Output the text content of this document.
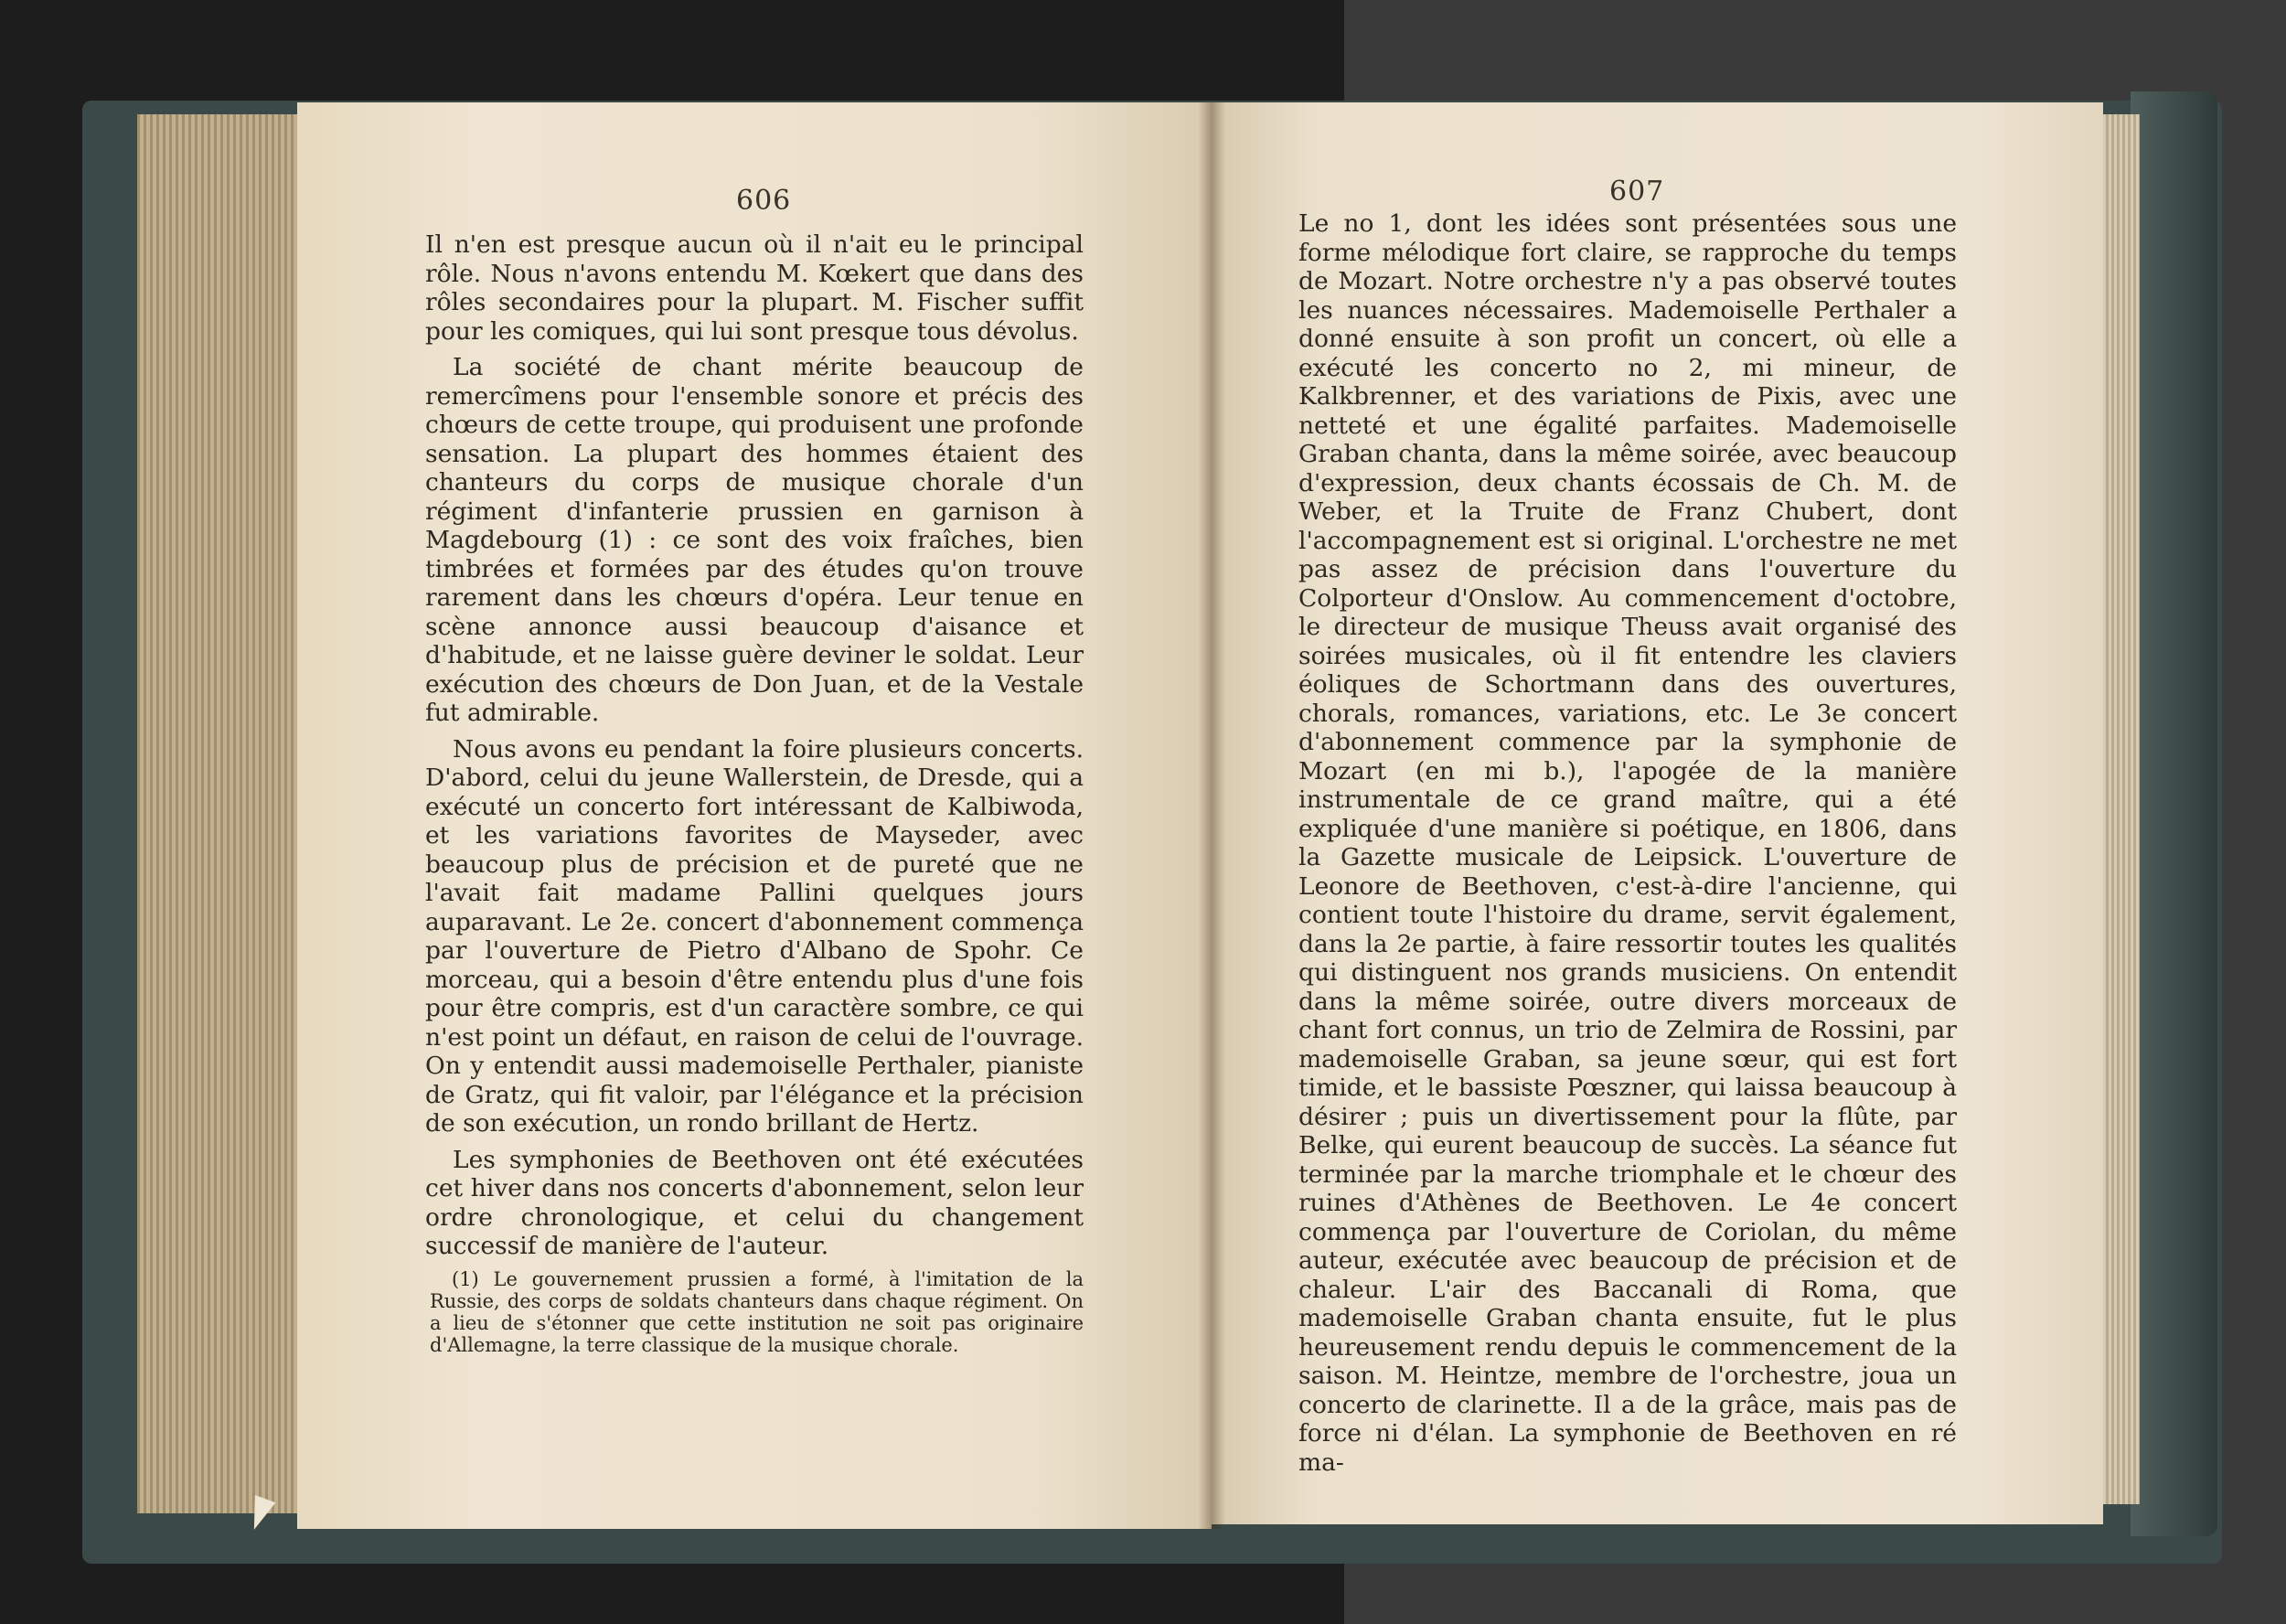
606

Il n'en est presque aucun où il n'ait eu le principal rôle. Nous n'avons entendu M. Kœkert que dans des rôles secondaires pour la plupart. M. Fischer suffit pour les comiques, qui lui sont presque tous dévolus.

La société de chant mérite beaucoup de remercîmens pour l'ensemble sonore et précis des chœurs de cette troupe, qui produisent une profonde sensation. La plupart des hommes étaient des chanteurs du corps de musique chorale d'un régiment d'infanterie prussien en garnison à Magdebourg (1) : ce sont des voix fraîches, bien timbrées et formées par des études qu'on trouve rarement dans les chœurs d'opéra. Leur tenue en scène annonce aussi beaucoup d'aisance et d'habitude, et ne laisse guère deviner le soldat. Leur exécution des chœurs de Don Juan, et de la Vestale fut admirable.

Nous avons eu pendant la foire plusieurs concerts. D'abord, celui du jeune Wallerstein, de Dresde, qui a exécuté un concerto fort intéressant de Kalbiwoda, et les variations favorites de Mayseder, avec beaucoup plus de précision et de pureté que ne l'avait fait madame Pallini quelques jours auparavant. Le 2e. concert d'abonnement commença par l'ouverture de Pietro d'Albano de Spohr. Ce morceau, qui a besoin d'être entendu plus d'une fois pour être compris, est d'un caractère sombre, ce qui n'est point un défaut, en raison de celui de l'ouvrage. On y entendit aussi mademoiselle Perthaler, pianiste de Gratz, qui fit valoir, par l'élégance et la précision de son exécution, un rondo brillant de Hertz.

Les symphonies de Beethoven ont été exécutées cet hiver dans nos concerts d'abonnement, selon leur ordre chronologique, et celui du changement successif de manière de l'auteur.

(1) Le gouvernement prussien a formé, à l'imitation de la Russie, des corps de soldats chanteurs dans chaque régiment. On a lieu de s'étonner que cette institution ne soit pas originaire d'Allemagne, la terre classique de la musique chorale.

607

Le no 1, dont les idées sont présentées sous une forme mélodique fort claire, se rapproche du temps de Mozart. Notre orchestre n'y a pas observé toutes les nuances nécessaires. Mademoiselle Perthaler a donné ensuite à son profit un concert, où elle a exécuté les concerto no 2, mi mineur, de Kalkbrenner, et des variations de Pixis, avec une netteté et une égalité parfaites. Mademoiselle Graban chanta, dans la même soirée, avec beaucoup d'expression, deux chants écossais de Ch. M. de Weber, et la Truite de Franz Chubert, dont l'accompagnement est si original. L'orchestre ne met pas assez de précision dans l'ouverture du Colporteur d'Onslow. Au commencement d'octobre, le directeur de musique Theuss avait organisé des soirées musicales, où il fit entendre les claviers éoliques de Schortmann dans des ouvertures, chorals, romances, variations, etc. Le 3e concert d'abonnement commence par la symphonie de Mozart (en mi b.), l'apogée de la manière instrumentale de ce grand maître, qui a été expliquée d'une manière si poétique, en 1806, dans la Gazette musicale de Leipsick. L'ouverture de Leonore de Beethoven, c'est-à-dire l'ancienne, qui contient toute l'histoire du drame, servit également, dans la 2e partie, à faire ressortir toutes les qualités qui distinguent nos grands musiciens. On entendit dans la même soirée, outre divers morceaux de chant fort connus, un trio de Zelmira de Rossini, par mademoiselle Graban, sa jeune sœur, qui est fort timide, et le bassiste Pœszner, qui laissa beaucoup à désirer ; puis un divertissement pour la flûte, par Belke, qui eurent beaucoup de succès. La séance fut terminée par la marche triomphale et le chœur des ruines d'Athènes de Beethoven. Le 4e concert commença par l'ouverture de Coriolan, du même auteur, exécutée avec beaucoup de précision et de chaleur. L'air des Baccanali di Roma, que mademoiselle Graban chanta ensuite, fut le plus heureusement rendu depuis le commencement de la saison. M. Heintze, membre de l'orchestre, joua un concerto de clarinette. Il a de la grâce, mais pas de force ni d'élan. La symphonie de Beethoven en ré ma-
